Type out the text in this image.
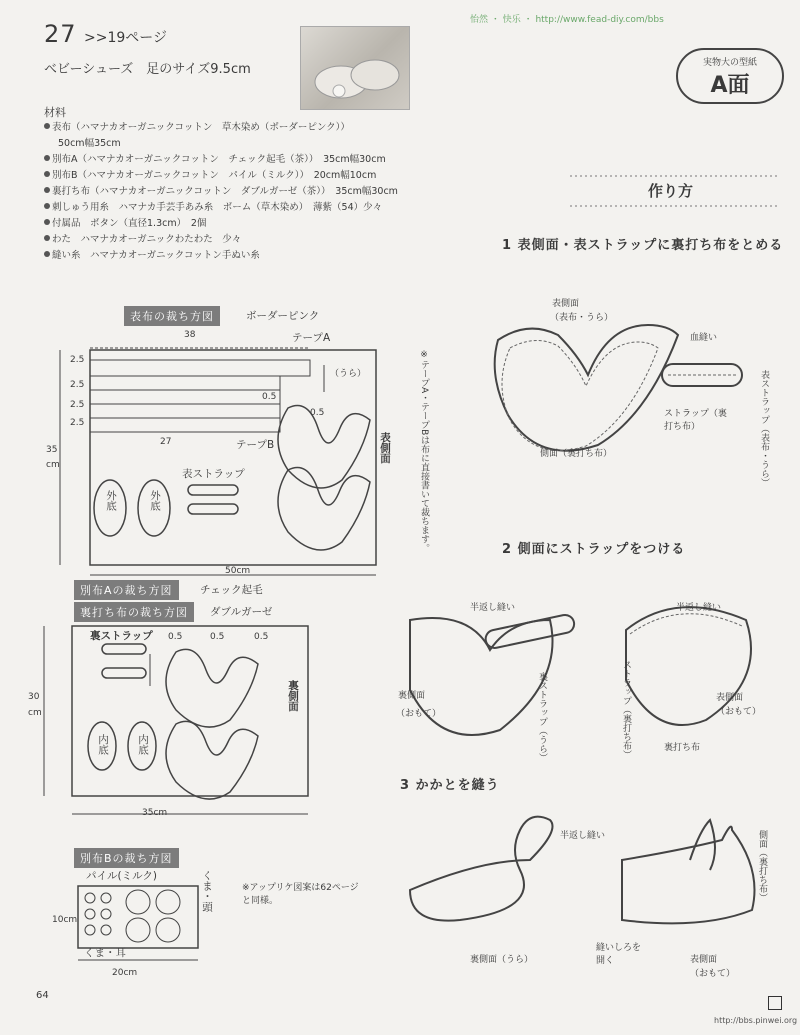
27 >>19ページ
ベビーシューズ　足のサイズ9.5cm
怡然 ・ 快乐 ・ http://www.fead-diy.com/bbs
実物大の型紙
A面
材料
表布（ハマナカオーガニックコットン　草木染め（ボーダーピンク））
50cm幅35cm
別布A（ハマナカオーガニックコットン　チェック起毛（茶））　35cm幅30cm
別布B（ハマナカオーガニックコットン　パイル（ミルク））　20cm幅10cm
裏打ち布（ハマナカオーガニックコットン　ダブルガーゼ（茶））　35cm幅30cm
刺しゅう用糸　ハマナカ手芸手あみ糸　ボーム（草木染め）　薄紫（54）少々
付属品　ボタン（直径1.3cm）　2個
わた　ハマナカオーガニックわたわた　少々
縫い糸　ハマナカオーガニックコットン手ぬい糸
表布の裁ち方図	ボーダーピンク
38	テープA
2.5
2.5
2.5
2.5
35
cm
27	テープB
（うら）
0.5
0.5
表側面
表ストラップ
外底	外底
50cm
※テープA・テープBは布に直接書いて裁ちます。
別布Aの裁ち方図	チェック起毛
裏打ち布の裁ち方図	ダブルガーゼ
裏ストラップ 0.5	0.5	0.5
裏側面
内底	内底
30
cm
35cm
別布Bの裁ち方図
パイル(ミルク)	くま・頭
くま・耳
10cm
20cm
※アップリケ図案は62ページと同様。
作り方
1 表側面・表ストラップに裏打ち布をとめる
表側面
（表布・うら）
血縫い
表ストラップ（表布・うら）
ストラップ（裏打ち布）
側面（裏打ち布）
2 側面にストラップをつける
半返し縫い
裏側面
（おもて）	裏ストラップ（うら）
半返し縫い
ストラップ（裏打ち布）	表側面
（おもて）
裏打ち布
3 かかとを縫う
半返し縫い
裏側面（うら）
縫いしろを開く	表側面
（おもて）
側面（裏打ち布）
64
http://bbs.pinwei.org
